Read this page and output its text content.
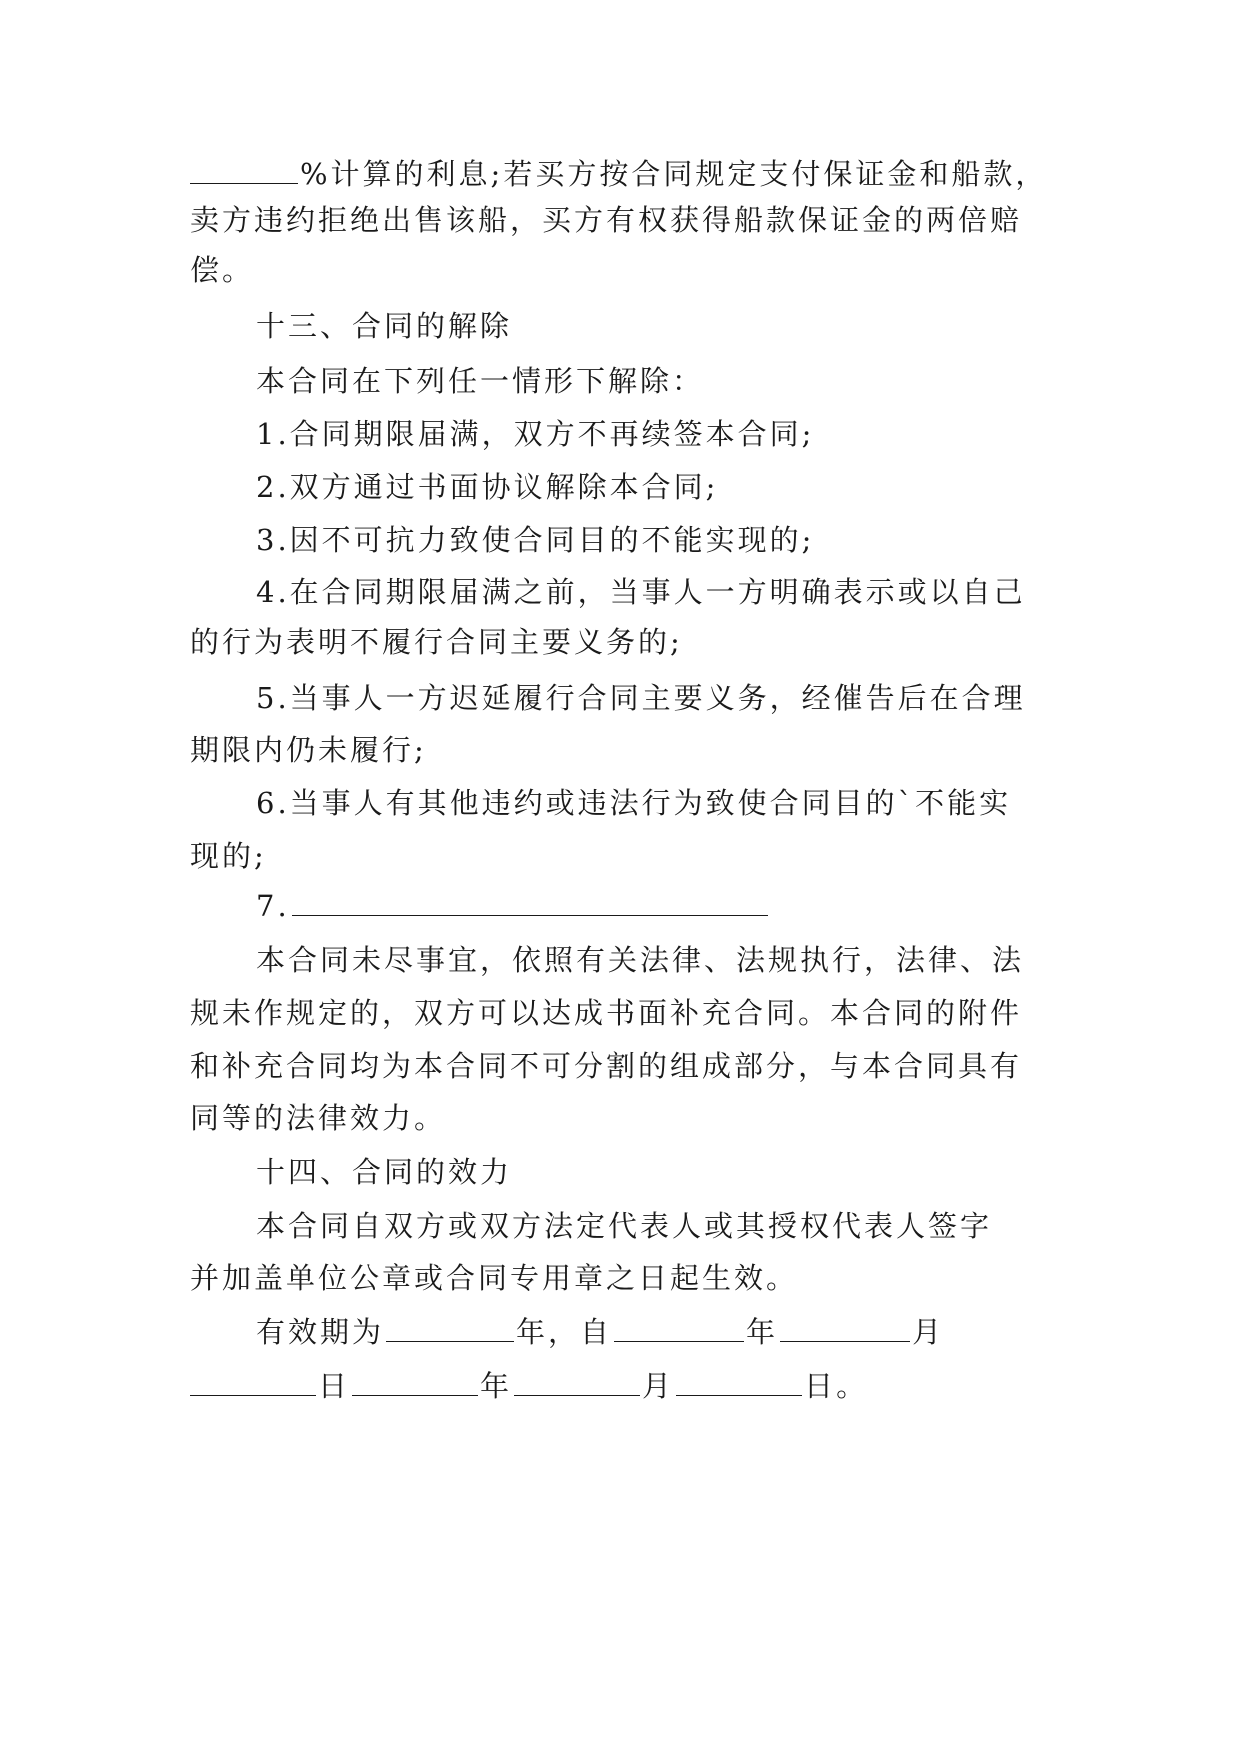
%计算的利息;若买方按合同规定支付保证金和船款，
卖方违约拒绝出售该船，买方有权获得船款保证金的两倍赔
偿。
十三、合同的解除
本合同在下列任一情形下解除：
1.合同期限届满，双方不再续签本合同;
2.双方通过书面协议解除本合同;
3.因不可抗力致使合同目的不能实现的;
4.在合同期限届满之前，当事人一方明确表示或以自己
的行为表明不履行合同主要义务的;
5.当事人一方迟延履行合同主要义务，经催告后在合理
期限内仍未履行;
6.当事人有其他违约或违法行为致使合同目的`不能实
现的;
7.
本合同未尽事宜，依照有关法律、法规执行，法律、法
规未作规定的，双方可以达成书面补充合同。本合同的附件
和补充合同均为本合同不可分割的组成部分，与本合同具有
同等的法律效力。
十四、合同的效力
本合同自双方或双方法定代表人或其授权代表人签字
并加盖单位公章或合同专用章之日起生效。
有效期为	年，自	年	月
日	年	月	日。
